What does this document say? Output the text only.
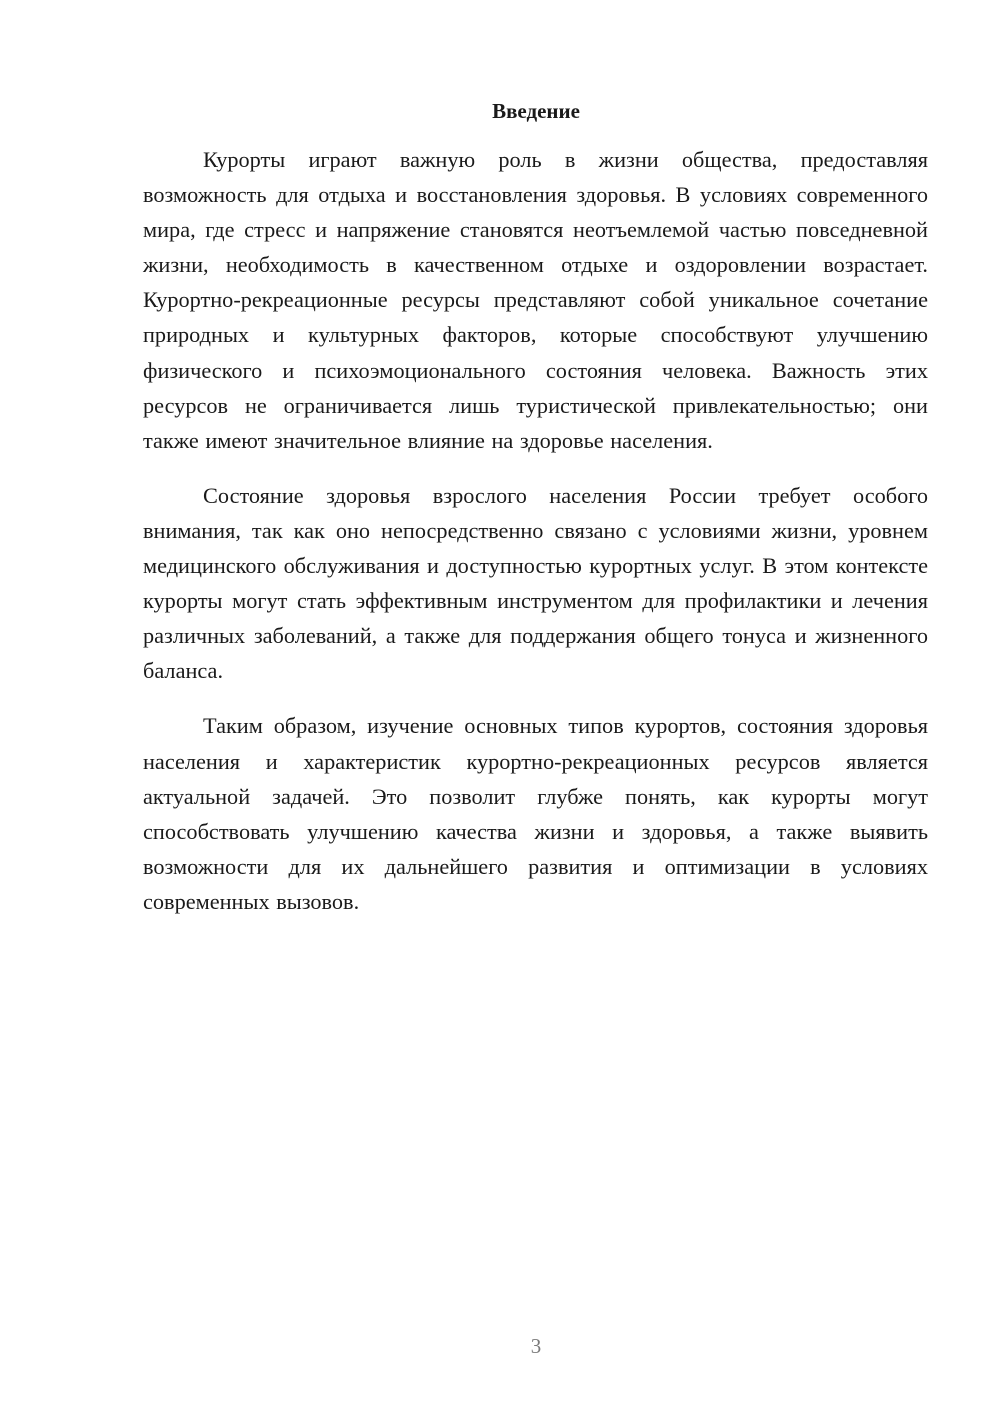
Введение

Курорты играют важную роль в жизни общества, предоставляя возможность для отдыха и восстановления здоровья. В условиях современного мира, где стресс и напряжение становятся неотъемлемой частью повседневной жизни, необходимость в качественном отдыхе и оздоровлении возрастает. Курортно-рекреационные ресурсы представляют собой уникальное сочетание природных и культурных факторов, которые способствуют улучшению физического и психоэмоционального состояния человека. Важность этих ресурсов не ограничивается лишь туристической привлекательностью; они также имеют значительное влияние на здоровье населения.

Состояние здоровья взрослого населения России требует особого внимания, так как оно непосредственно связано с условиями жизни, уровнем медицинского обслуживания и доступностью курортных услуг. В этом контексте курорты могут стать эффективным инструментом для профилактики и лечения различных заболеваний, а также для поддержания общего тонуса и жизненного баланса.

Таким образом, изучение основных типов курортов, состояния здоровья населения и характеристик курортно-рекреационных ресурсов является актуальной задачей. Это позволит глубже понять, как курорты могут способствовать улучшению качества жизни и здоровья, а также выявить возможности для их дальнейшего развития и оптимизации в условиях современных вызовов.

3
